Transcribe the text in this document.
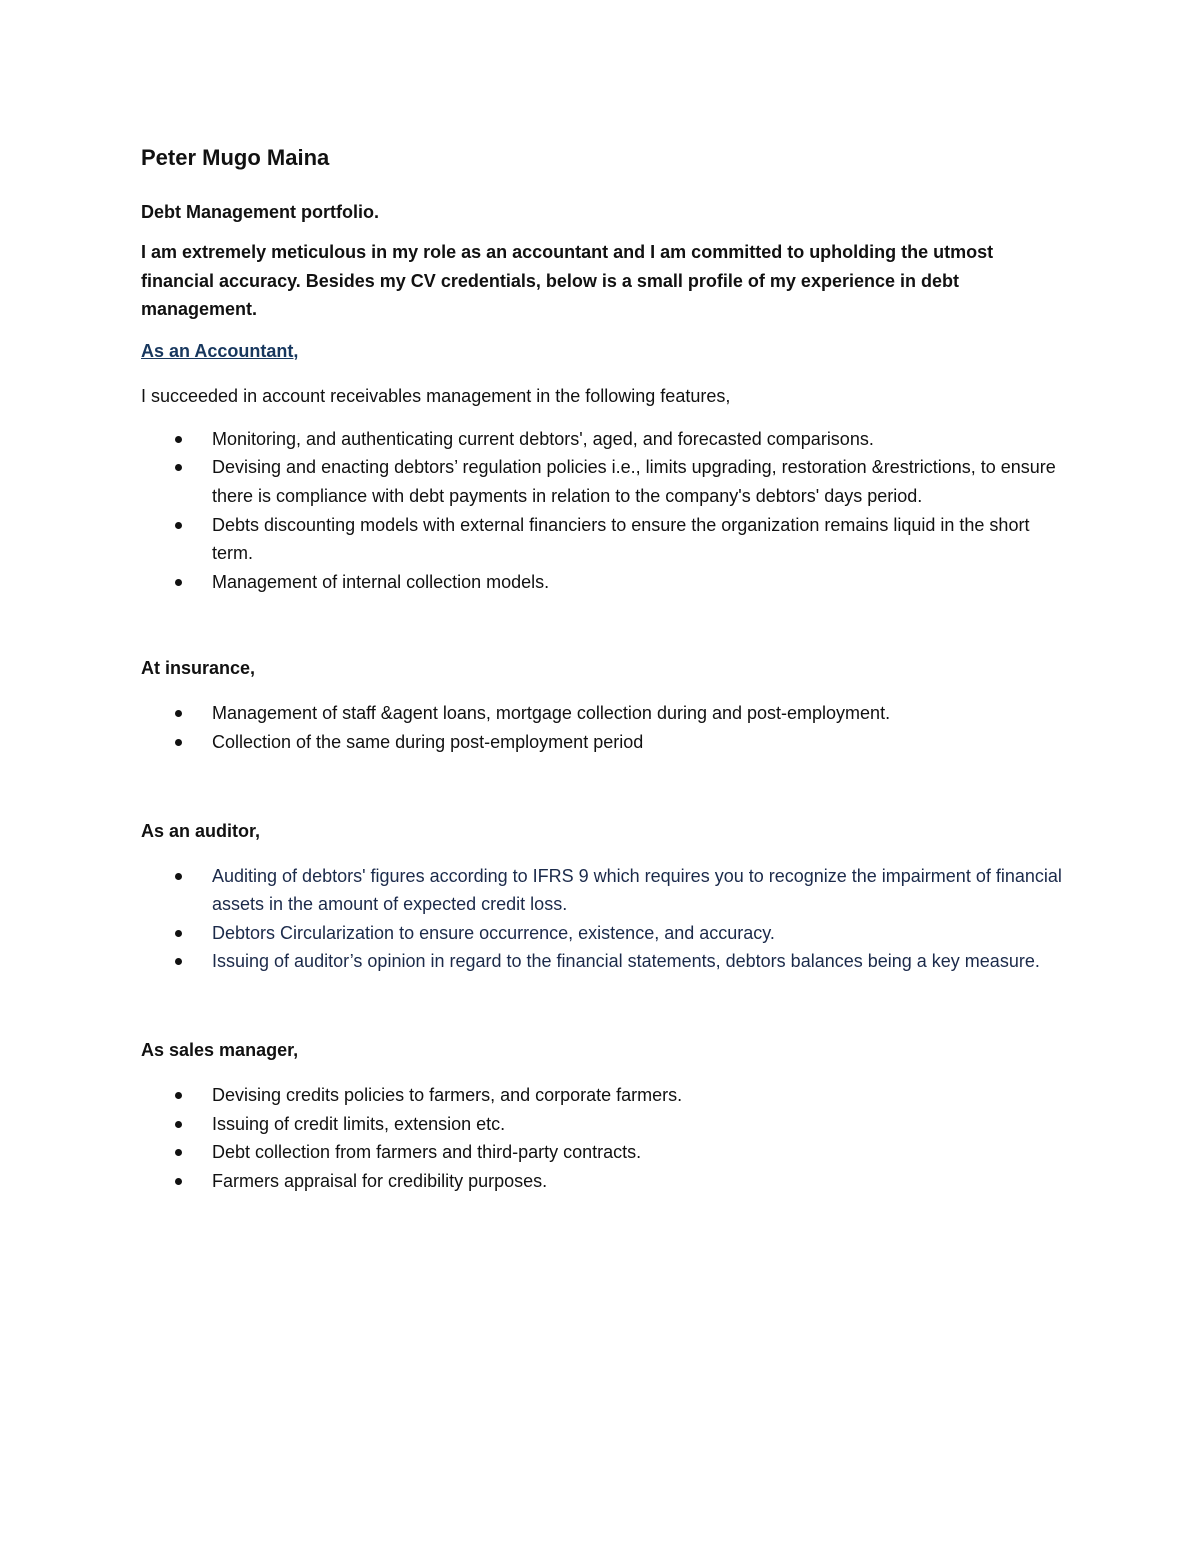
Peter Mugo Maina

Debt Management portfolio.

I am extremely meticulous in my role as an accountant and I am committed to upholding the utmost financial accuracy. Besides my CV credentials, below is a small profile of my experience in debt management.

As an Accountant,

I succeeded in account receivables management in the following features,

Monitoring, and authenticating current debtors', aged, and forecasted comparisons.
Devising and enacting debtors’ regulation policies i.e., limits upgrading, restoration &restrictions, to ensure there is compliance with debt payments in relation to the company's debtors' days period.
Debts discounting models with external financiers to ensure the organization remains liquid in the short term.
Management of internal collection models.

At insurance,

Management of staff &agent loans, mortgage collection during and post-employment.
Collection of the same during post-employment period

As an auditor,

Auditing of debtors' figures according to IFRS 9 which requires you to recognize the impairment of financial assets in the amount of expected credit loss.
Debtors Circularization to ensure occurrence, existence, and accuracy.
Issuing of auditor’s opinion in regard to the financial statements, debtors balances being a key measure.

As sales manager,

Devising credits policies to farmers, and corporate farmers.
Issuing of credit limits, extension etc.
Debt collection from farmers and third-party contracts.
Farmers appraisal for credibility purposes.
